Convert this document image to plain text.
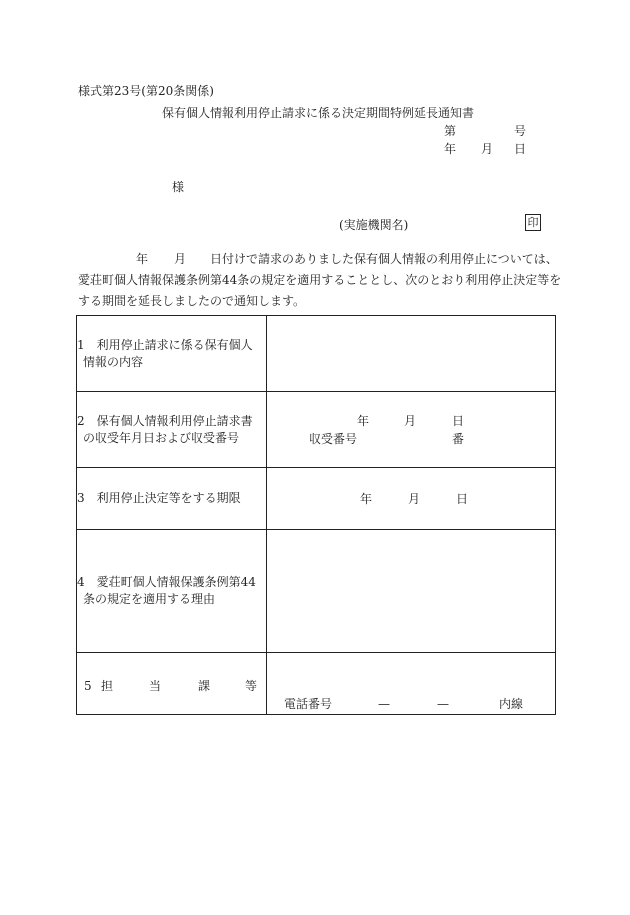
様式第23号(第20条関係)
保有個人情報利用停止請求に係る決定期間特例延長通知書
第	号
年 月 日
様
(実施機関名)	印
年 月 日付けで請求のありました保有個人情報の利用停止については、
愛荘町個人情報保護条例第44条の規定を適用することとし、次のとおり利用停止決定等を
する期間を延長しましたので通知します。
1　利用停止請求に係る保有個人
情報の内容	

2　保有個人情報利用停止請求書
の収受年月日および収受番号	年 月 日
収受番号 番

3　利用停止決定等をする期限	年 月 日

4　愛荘町個人情報保護条例第44
条の規定を適用する理由	

5 担 当 課 等	電話番号 — — 内線
